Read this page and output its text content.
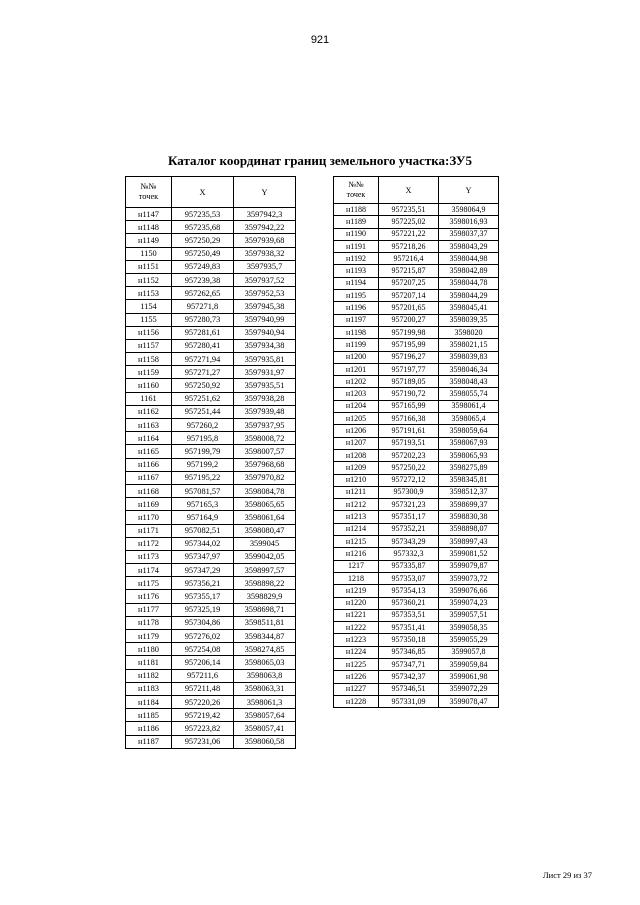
921
Каталог координат границ земельного участка:ЗУ5
№№
точек	X	Y
н1147	957235,53	3597942,3
н1148	957235,68	3597942,22
н1149	957250,29	3597939,68
1150	957250,49	3597938,32
н1151	957249,83	3597935,7
н1152	957239,38	3597937,52
н1153	957262,65	3597952,53
1154	957271,8	3597945,38
1155	957280,73	3597940,99
н1156	957281,61	3597940,94
н1157	957280,41	3597934,38
н1158	957271,94	3597935,81
н1159	957271,27	3597931,97
н1160	957250,92	3597935,51
1161	957251,62	3597938,28
н1162	957251,44	3597939,48
н1163	957260,2	3597937,95
н1164	957195,8	3598008,72
н1165	957199,79	3598007,57
н1166	957199,2	3597968,68
н1167	957195,22	3597970,82
н1168	957081,57	3598084,78
н1169	957165,3	3598065,65
н1170	957164,9	3598061,64
н1171	957082,51	3598080,47
н1172	957344,02	3599045
н1173	957347,97	3599042,05
н1174	957347,29	3598997,57
н1175	957356,21	3598898,22
н1176	957355,17	3598829,9
н1177	957325,19	3598698,71
н1178	957304,86	3598511,81
н1179	957276,02	3598344,87
н1180	957254,08	3598274,85
н1181	957206,14	3598065,03
н1182	957211,6	3598063,8
н1183	957211,48	3598063,31
н1184	957220,26	3598061,3
н1185	957219,42	3598057,64
н1186	957223,82	3598057,41
н1187	957231,06	3598060,58
№№
точек	X	Y
н1188	957235,51	3598064,9
н1189	957225,02	3598016,93
н1190	957221,22	3598037,37
н1191	957218,26	3598043,29
н1192	957216,4	3598044,98
н1193	957215,87	3598042,89
н1194	957207,25	3598044,78
н1195	957207,14	3598044,29
н1196	957201,65	3598045,41
н1197	957200,27	3598039,35
н1198	957199,98	3598020
н1199	957195,99	3598021,15
н1200	957196,27	3598039,83
н1201	957197,77	3598046,34
н1202	957189,05	3598048,43
н1203	957190,72	3598055,74
н1204	957165,99	3598061,4
н1205	957166,38	3598065,4
н1206	957191,61	3598059,64
н1207	957193,51	3598067,93
н1208	957202,23	3598065,93
н1209	957250,22	3598275,89
н1210	957272,12	3598345,81
н1211	957300,9	3598512,37
н1212	957321,23	3598699,37
н1213	957351,17	3598830,38
н1214	957352,21	3598898,07
н1215	957343,29	3598997,43
н1216	957332,3	3599081,52
1217	957335,87	3599079,87
1218	957353,07	3599073,72
н1219	957354,13	3599076,66
н1220	957360,21	3599074,23
н1221	957353,51	3599057,51
н1222	957351,41	3599058,35
н1223	957350,18	3599055,29
н1224	957346,85	3599057,8
н1225	957347,71	3599059,84
н1226	957342,37	3599061,98
н1227	957346,51	3599072,29
н1228	957331,09	3599078,47
Лист 29 из 37
